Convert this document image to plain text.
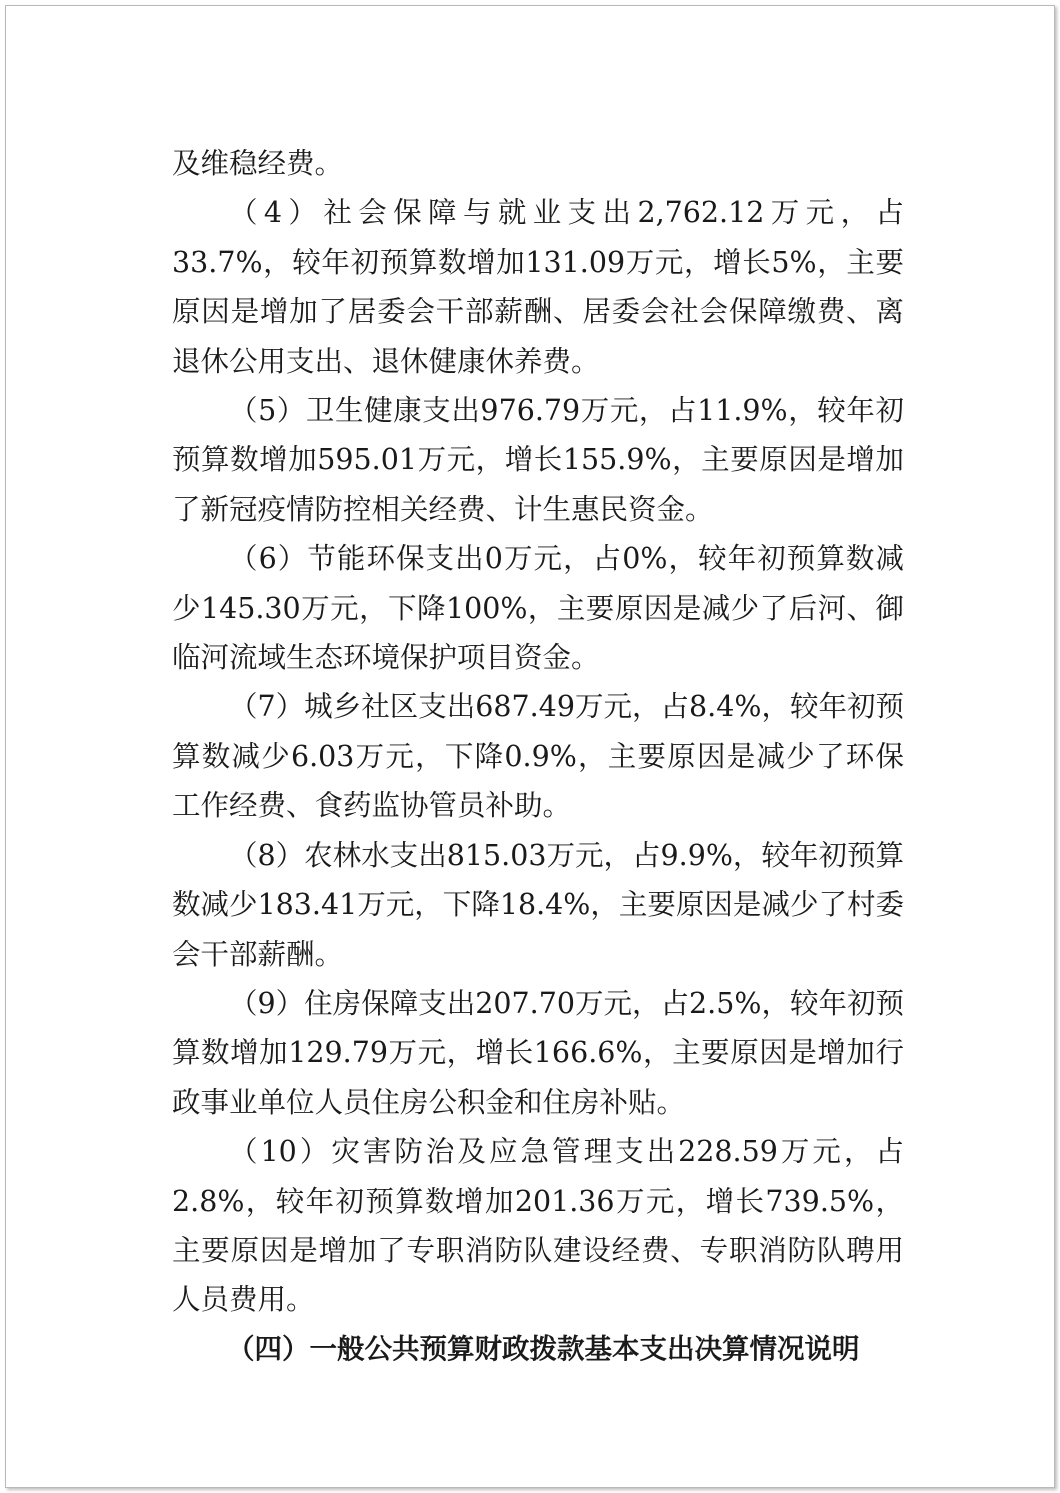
及维稳经费。

（4）社会保障与就业支出2,762.12万元，占33.7%，较年初预算数增加131.09万元，增长5%，主要原因是增加了居委会干部薪酬、居委会社会保障缴费、离退休公用支出、退休健康休养费。

（5）卫生健康支出976.79万元，占11.9%，较年初预算数增加595.01万元，增长155.9%，主要原因是增加了新冠疫情防控相关经费、计生惠民资金。

（6）节能环保支出0万元，占0%，较年初预算数减少145.30万元，下降100%，主要原因是减少了后河、御临河流域生态环境保护项目资金。

（7）城乡社区支出687.49万元，占8.4%，较年初预算数减少6.03万元，下降0.9%，主要原因是减少了环保工作经费、食药监协管员补助。

（8）农林水支出815.03万元，占9.9%，较年初预算数减少183.41万元，下降18.4%，主要原因是减少了村委会干部薪酬。

（9）住房保障支出207.70万元，占2.5%，较年初预算数增加129.79万元，增长166.6%，主要原因是增加行政事业单位人员住房公积金和住房补贴。

（10）灾害防治及应急管理支出228.59万元，占2.8%，较年初预算数增加201.36万元，增长739.5%，主要原因是增加了专职消防队建设经费、专职消防队聘用人员费用。

（四）一般公共预算财政拨款基本支出决算情况说明
